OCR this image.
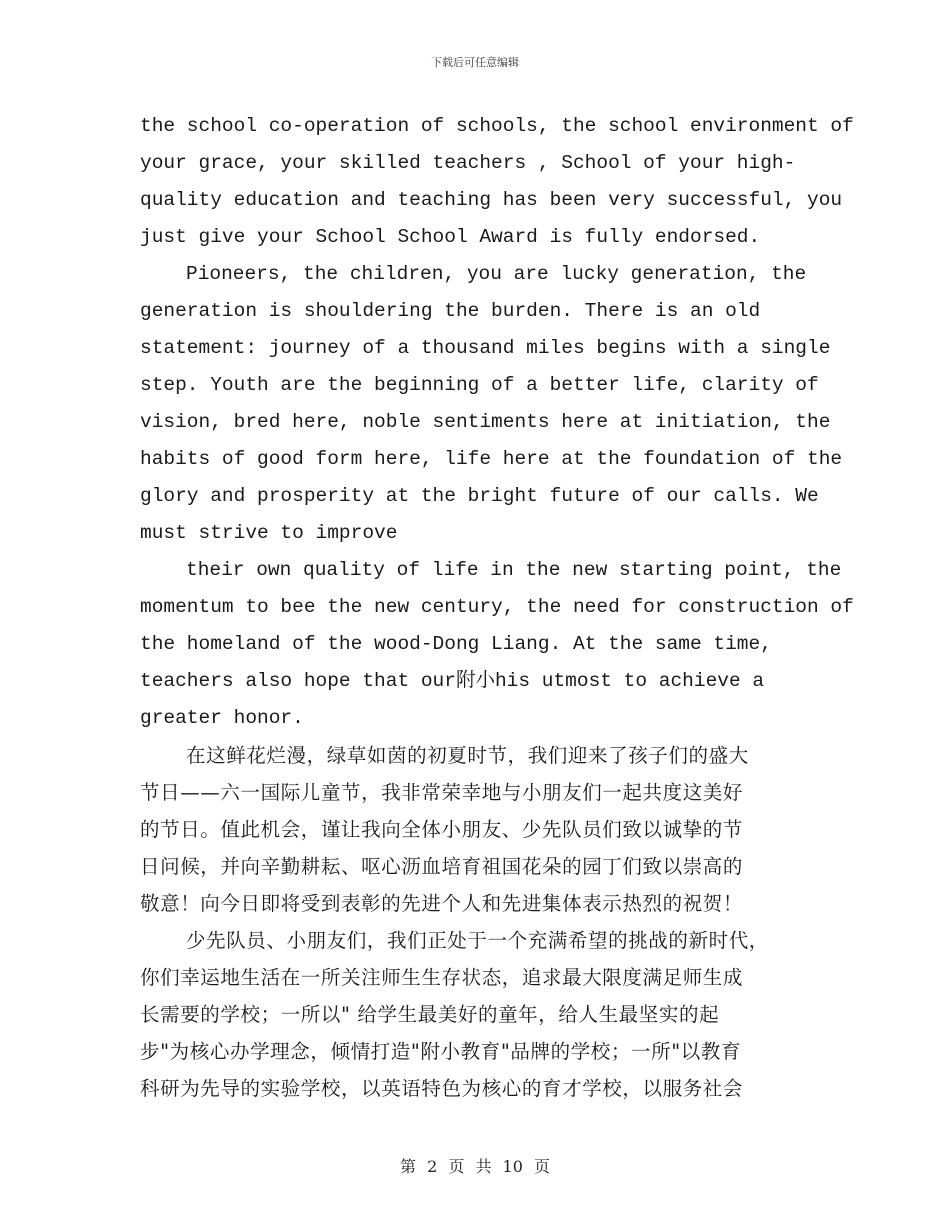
下载后可任意编辑
the school co-operation of schools, the school environment of
your grace, your skilled teachers , School of your high-
quality education and teaching has been very successful, you
just give your School School Award is fully endorsed.
Pioneers, the children, you are lucky generation, the
generation is shouldering the burden. There is an old
statement: journey of a thousand miles begins with a single
step. Youth are the beginning of a better life, clarity of
vision, bred here, noble sentiments here at initiation, the
habits of good form here, life here at the foundation of the
glory and prosperity at the bright future of our calls. We
must strive to improve
their own quality of life in the new starting point, the
momentum to bee the new century, the need for construction of
the homeland of the wood-Dong Liang. At the same time,
teachers also hope that our附小his utmost to achieve a
greater honor.
在这鲜花烂漫，绿草如茵的初夏时节，我们迎来了孩子们的盛大
节日——六一国际儿童节，我非常荣幸地与小朋友们一起共度这美好
的节日。值此机会，谨让我向全体小朋友、少先队员们致以诚挚的节
日问候，并向辛勤耕耘、呕心沥血培育祖国花朵的园丁们致以崇高的
敬意！向今日即将受到表彰的先进个人和先进集体表示热烈的祝贺！
少先队员、小朋友们，我们正处于一个充满希望的挑战的新时代，
你们幸运地生活在一所关注师生生存状态，追求最大限度满足师生成
长需要的学校；一所以" 给学生最美好的童年，给人生最坚实的起
步"为核心办学理念，倾情打造"附小教育"品牌的学校；一所"以教育
科研为先导的实验学校，以英语特色为核心的育才学校，以服务社会
第 2 页 共 10 页
